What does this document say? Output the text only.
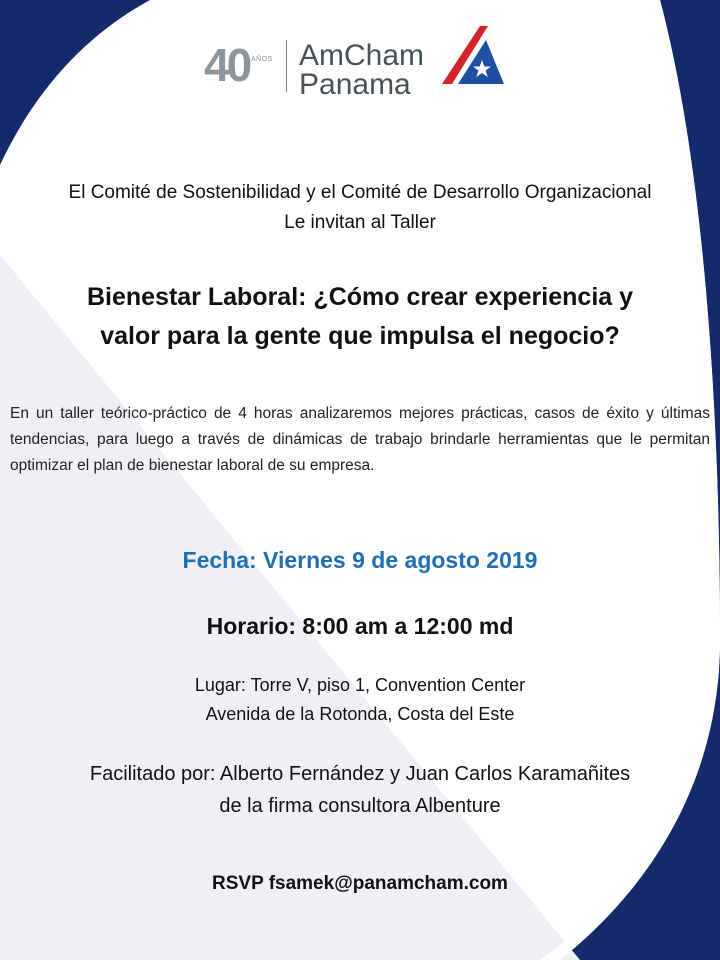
40 AÑOS AmCham
Panama
El Comité de Sostenibilidad y el Comité de Desarrollo Organizacional
Le invitan al Taller
Bienestar Laboral: ¿Cómo crear experiencia y
valor para la gente que impulsa el negocio?

En un taller teórico-práctico de 4 horas analizaremos mejores prácticas, casos de éxito y últimas tendencias, para luego a través de dinámicas de trabajo brindarle herramientas que le permitan optimizar el plan de bienestar laboral de su empresa.

Fecha: Viernes 9 de agosto 2019
Horario: 8:00 am a 12:00 md
Lugar: Torre V, piso 1, Convention Center
Avenida de la Rotonda, Costa del Este
Facilitado por: Alberto Fernández y Juan Carlos Karamañites
de la firma consultora Albenture
RSVP fsamek@panamcham.com
